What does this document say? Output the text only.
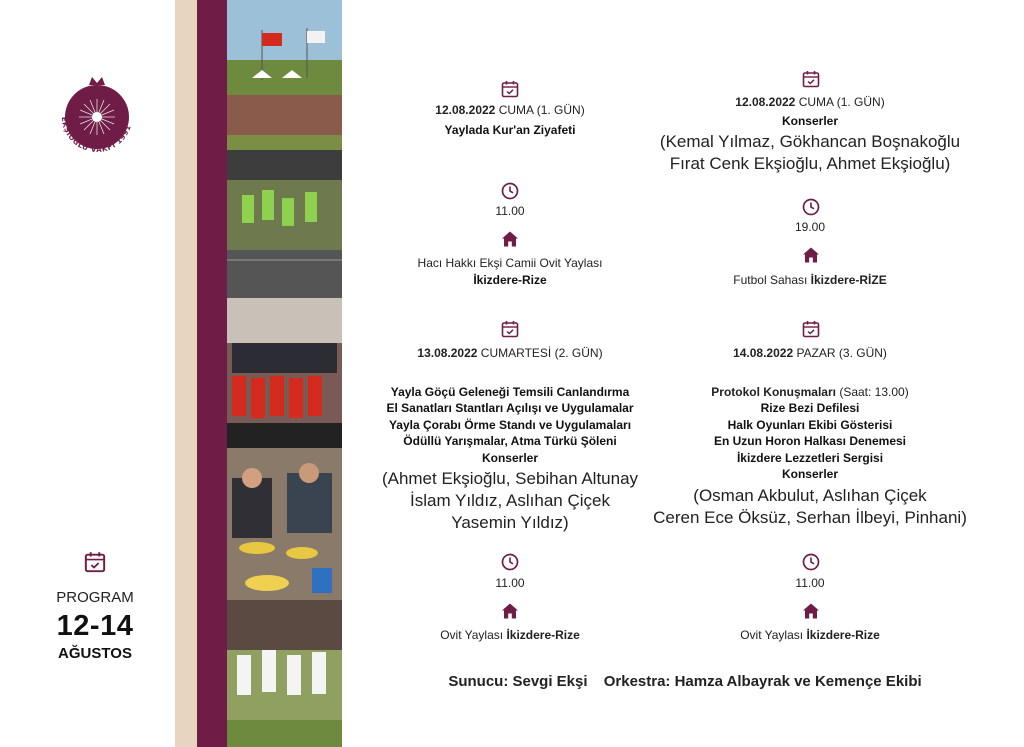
EKŞİOĞLU VAKFI 1991
PROGRAM
12-14
AĞUSTOS
12.08.2022 CUMA (1. GÜN)
Yaylada Kur'an Ziyafeti
11.00
Hacı Hakkı Ekşi Camii Ovit Yaylası
İkizdere-Rize
12.08.2022 CUMA (1. GÜN)
Konserler
(Kemal Yılmaz, Gökhancan Boşnakoğlu
Fırat Cenk Ekşioğlu, Ahmet Ekşioğlu)
19.00
Futbol Sahası İkizdere-RİZE
13.08.2022 CUMARTESİ (2. GÜN)
Yayla Göçü Geleneği Temsili Canlandırma
El Sanatları Stantları Açılışı ve Uygulamalar
Yayla Çorabı Örme Standı ve Uygulamaları
Ödüllü Yarışmalar, Atma Türkü Şöleni
Konserler
(Ahmet Ekşioğlu, Sebihan Altunay
İslam Yıldız, Aslıhan Çiçek
Yasemin Yıldız)
11.00
Ovit Yaylası İkizdere-Rize
14.08.2022 PAZAR (3. GÜN)
Protokol Konuşmaları (Saat: 13.00)
Rize Bezi Defilesi
Halk Oyunları Ekibi Gösterisi
En Uzun Horon Halkası Denemesi
İkizdere Lezzetleri Sergisi
Konserler
(Osman Akbulut, Aslıhan Çiçek
Ceren Ece Öksüz, Serhan İlbeyi, Pinhani)
11.00
Ovit Yaylası İkizdere-Rize
Sunucu: Sevgi Ekşi Orkestra: Hamza Albayrak ve Kemençe Ekibi
